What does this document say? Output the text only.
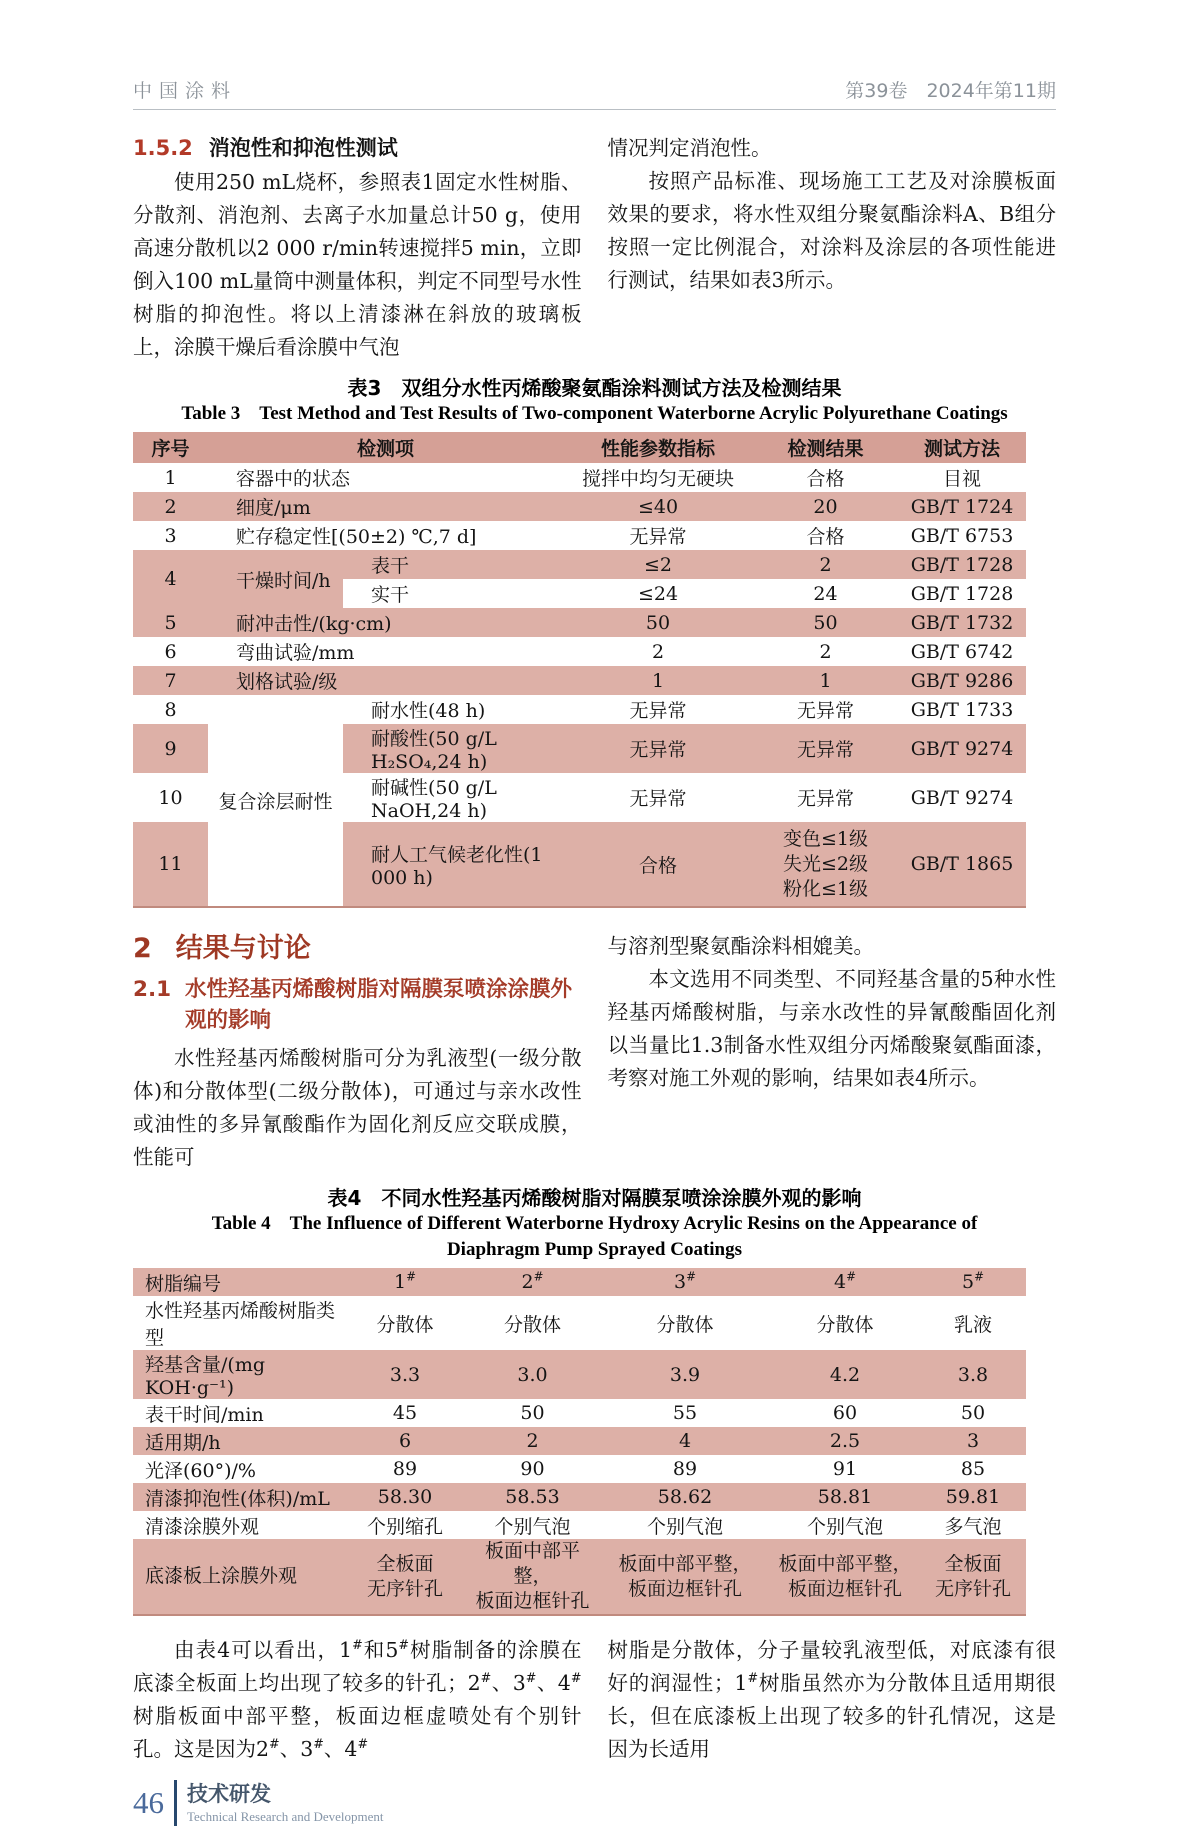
中国涂料	第39卷　2024年第11期
1.5.2 消泡性和抑泡性测试

使用250 mL烧杯，参照表1固定水性树脂、分散剂、消泡剂、去离子水加量总计50 g，使用高速分散机以2 000 r/min转速搅拌5 min，立即倒入100 mL量筒中测量体积，判定不同型号水性树脂的抑泡性。将以上清漆淋在斜放的玻璃板上，涂膜干燥后看涂膜中气泡

情况判定消泡性。

按照产品标准、现场施工工艺及对涂膜板面效果的要求，将水性双组分聚氨酯涂料A、B组分按照一定比例混合，对涂料及涂层的各项性能进行测试，结果如表3所示。

表3　双组分水性丙烯酸聚氨酯涂料测试方法及检测结果
Table 3　Test Method and Test Results of Two-component Waterborne Acrylic Polyurethane Coatings
序号	检测项		性能参数指标	检测结果	测试方法
1	容器中的状态		搅拌中均匀无硬块	合格	目视
2	细度/μm		≤40	20	GB/T 1724
3	贮存稳定性[(50±2) ℃,7 d]		无异常	合格	GB/T 6753
4	干燥时间/h	表干	≤2	2	GB/T 1728
		实干	≤24	24	GB/T 1728
5	耐冲击性/(kg·cm)		50	50	GB/T 1732
6	弯曲试验/mm		2	2	GB/T 6742
7	划格试验/级		1	1	GB/T 9286
8	复合涂层耐性	耐水性(48 h)	无异常	无异常	GB/T 1733
9		耐酸性(50 g/L H₂SO₄,24 h)	无异常	无异常	GB/T 9274
10		耐碱性(50 g/L NaOH,24 h)	无异常	无异常	GB/T 9274
11		耐人工气候老化性(1 000 h)	合格	变色≤1级
失光≤2级
粉化≤1级	GB/T 1865
2 结果与讨论
2.1 水性羟基丙烯酸树脂对隔膜泵喷涂涂膜外观的影响

水性羟基丙烯酸树脂可分为乳液型(一级分散体)和分散体型(二级分散体)，可通过与亲水改性或油性的多异氰酸酯作为固化剂反应交联成膜，性能可

与溶剂型聚氨酯涂料相媲美。

本文选用不同类型、不同羟基含量的5种水性羟基丙烯酸树脂，与亲水改性的异氰酸酯固化剂以当量比1.3制备水性双组分丙烯酸聚氨酯面漆，考察对施工外观的影响，结果如表4所示。

表4　不同水性羟基丙烯酸树脂对隔膜泵喷涂涂膜外观的影响
Table 4　The Influence of Different Waterborne Hydroxy Acrylic Resins on the Appearance of
Diaphragm Pump Sprayed Coatings
树脂编号	1#	2#	3#	4#	5#
水性羟基丙烯酸树脂类型	分散体	分散体	分散体	分散体	乳液
羟基含量/(mg KOH·g⁻¹)	3.3	3.0	3.9	4.2	3.8
表干时间/min	45	50	55	60	50
适用期/h	6	2	4	2.5	3
光泽(60°)/%	89	90	89	91	85
清漆抑泡性(体积)/mL	58.30	58.53	58.62	58.81	59.81
清漆涂膜外观	个别缩孔	个别气泡	个别气泡	个别气泡	多气泡
底漆板上涂膜外观	全板面
无序针孔	板面中部平整，
板面边框针孔	板面中部平整，
板面边框针孔	板面中部平整，
板面边框针孔	全板面
无序针孔

由表4可以看出，1#和5#树脂制备的涂膜在底漆全板面上均出现了较多的针孔；2#、3#、4#树脂板面中部平整，板面边框虚喷处有个别针孔。这是因为2#、3#、4#

树脂是分散体，分子量较乳液型低，对底漆有很好的润湿性；1#树脂虽然亦为分散体且适用期很长，但在底漆板上出现了较多的针孔情况，这是因为长适用

46 技术研发
Technical Research and Development
